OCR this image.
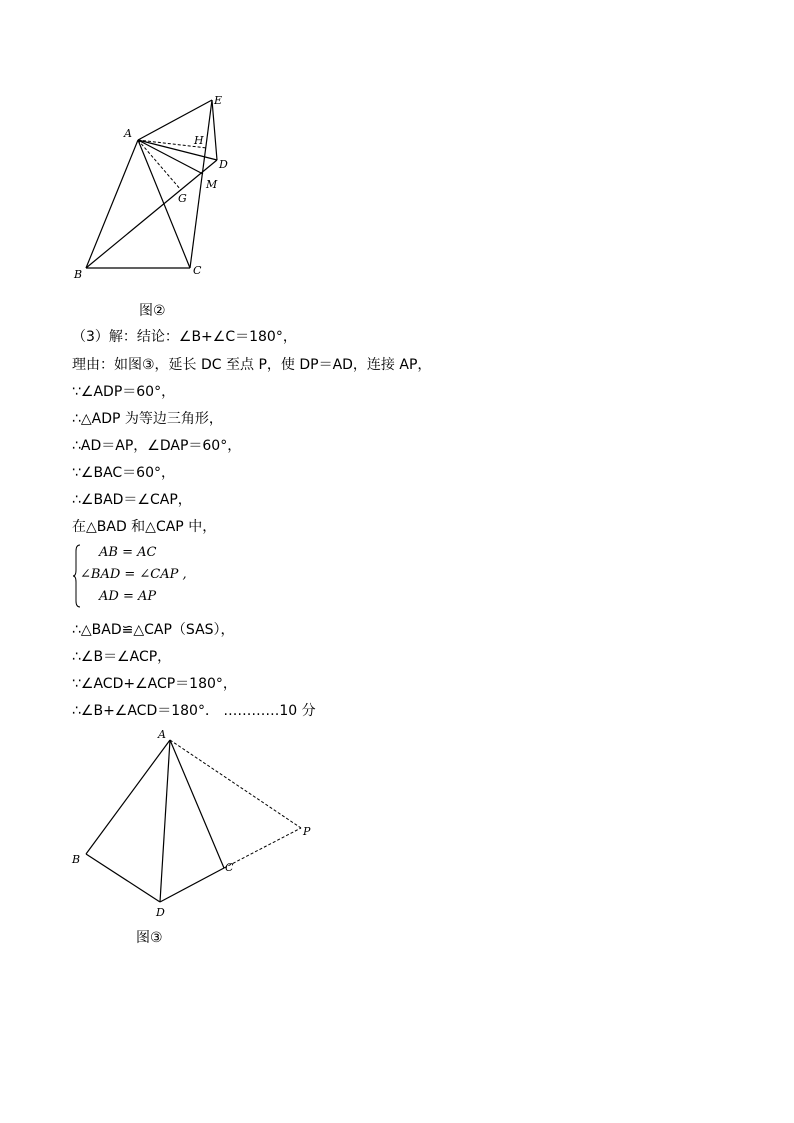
A
B	C
D
E
H
M
G
图②
（3）解：结论：∠B+∠C＝180°，
理由：如图③，延长 DC 至点 P，使 DP＝AD，连接 AP，
∵∠ADP＝60°，
∴△ADP 为等边三角形，
∴AD＝AP，∠DAP＝60°，
∵∠BAC＝60°，
∴∠BAD＝∠CAP，
在△BAD 和△CAP 中，
AB = AC
∠BAD = ∠CAP ,
AD = AP
∴△BAD≌△CAP（SAS），
∴∠B＝∠ACP，
∵∠ACD+∠ACP＝180°，
∴∠B+∠ACD＝180°． …………10 分
A
B
C
D
P
图③
